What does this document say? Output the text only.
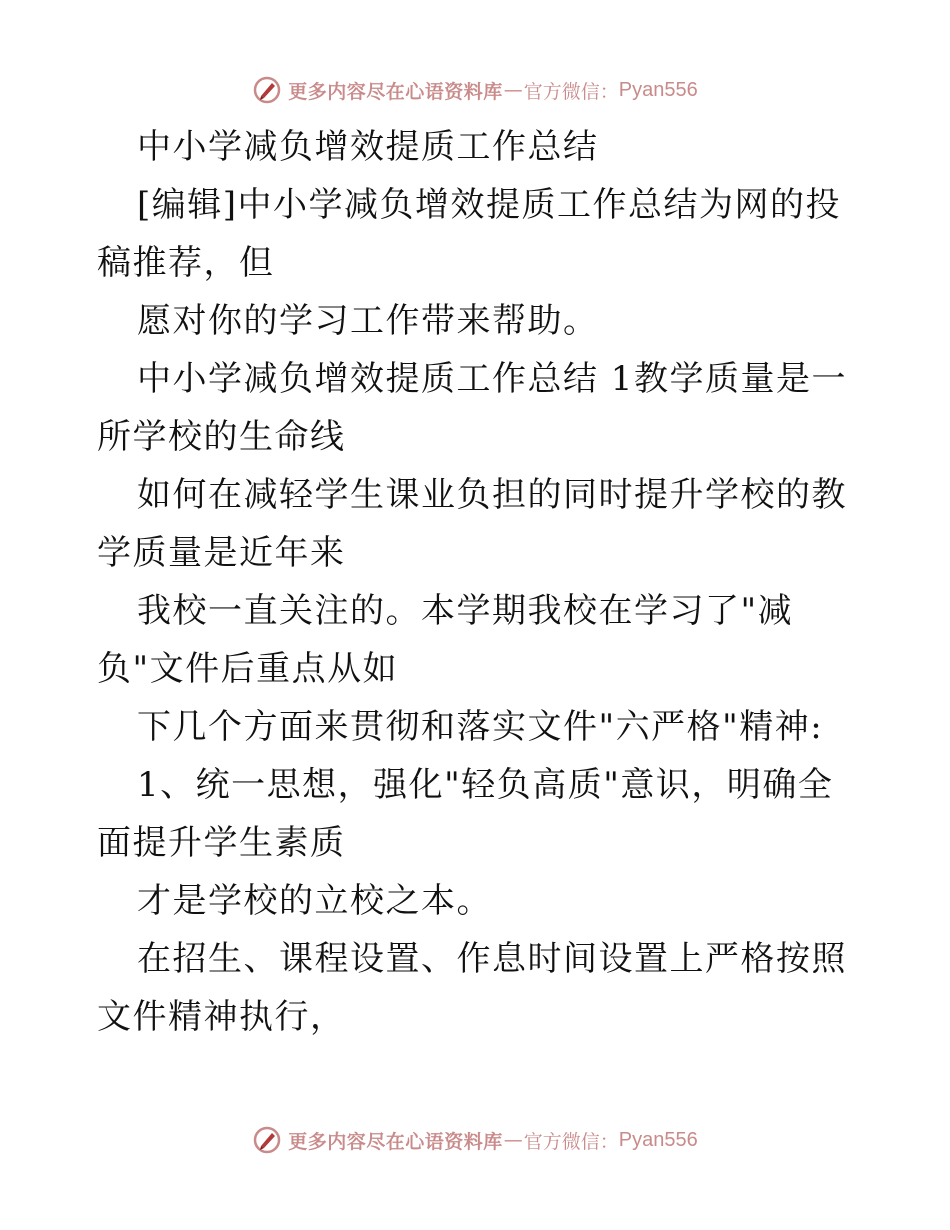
更多内容尽在心语资料库 — 官方微信： Pyan556

中小学减负增效提质工作总结

[编辑]中小学减负增效提质工作总结为网的投稿推荐，但

愿对你的学习工作带来帮助。

中小学减负增效提质工作总结 1教学质量是一所学校的生命线

如何在减轻学生课业负担的同时提升学校的教学质量是近年来

我校一直关注的。本学期我校在学习了"减负"文件后重点从如

下几个方面来贯彻和落实文件"六严格"精神:

1、统一思想，强化"轻负高质"意识，明确全面提升学生素质

才是学校的立校之本。

在招生、课程设置、作息时间设置上严格按照文件精神执行，

更多内容尽在心语资料库 — 官方微信： Pyan556
